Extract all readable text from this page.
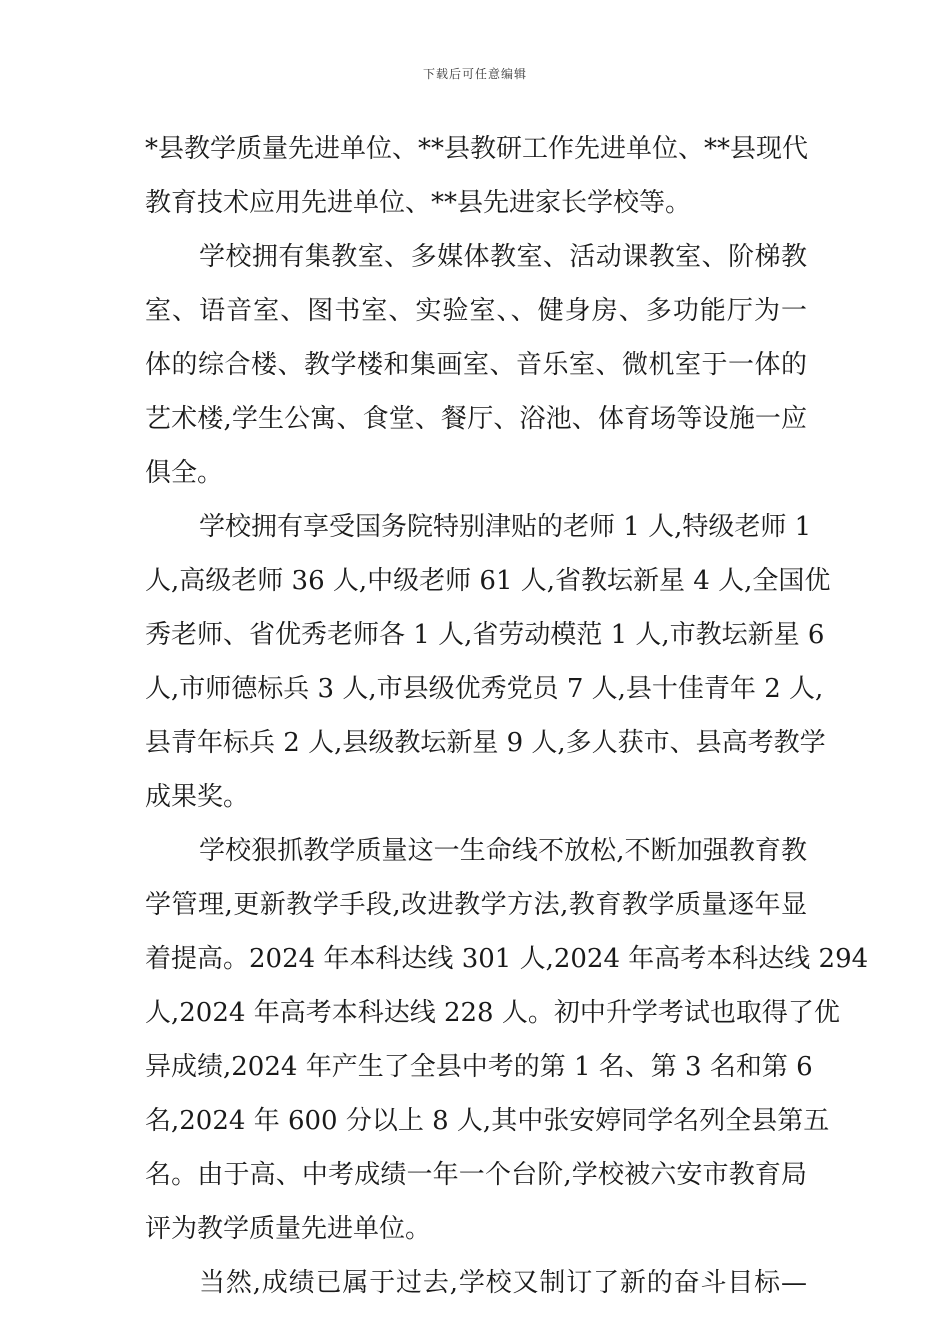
下载后可任意编辑
*县教学质量先进单位、**县教研工作先进单位、**县现代
教育技术应用先进单位、**县先进家长学校等。
学校拥有集教室、多媒体教室、活动课教室、阶梯教
室、语音室、图书室、实验室、、健身房、多功能厅为一
体的综合楼、教学楼和集画室、音乐室、微机室于一体的
艺术楼,学生公寓、食堂、餐厅、浴池、体育场等设施一应
俱全。
学校拥有享受国务院特别津贴的老师 1 人,特级老师 1
人,高级老师 36 人,中级老师 61 人,省教坛新星 4 人,全国优
秀老师、省优秀老师各 1 人,省劳动模范 1 人,市教坛新星 6
人,市师德标兵 3 人,市县级优秀党员 7 人,县十佳青年 2 人,
县青年标兵 2 人,县级教坛新星 9 人,多人获市、县高考教学
成果奖。
学校狠抓教学质量这一生命线不放松,不断加强教育教
学管理,更新教学手段,改进教学方法,教育教学质量逐年显
着提高。2024 年本科达线 301 人,2024 年高考本科达线 294
人,2024 年高考本科达线 228 人。初中升学考试也取得了优
异成绩,2024 年产生了全县中考的第 1 名、第 3 名和第 6
名,2024 年 600 分以上 8 人,其中张安婷同学名列全县第五
名。由于高、中考成绩一年一个台阶,学校被六安市教育局
评为教学质量先进单位。
当然,成绩已属于过去,学校又制订了新的奋斗目标—
